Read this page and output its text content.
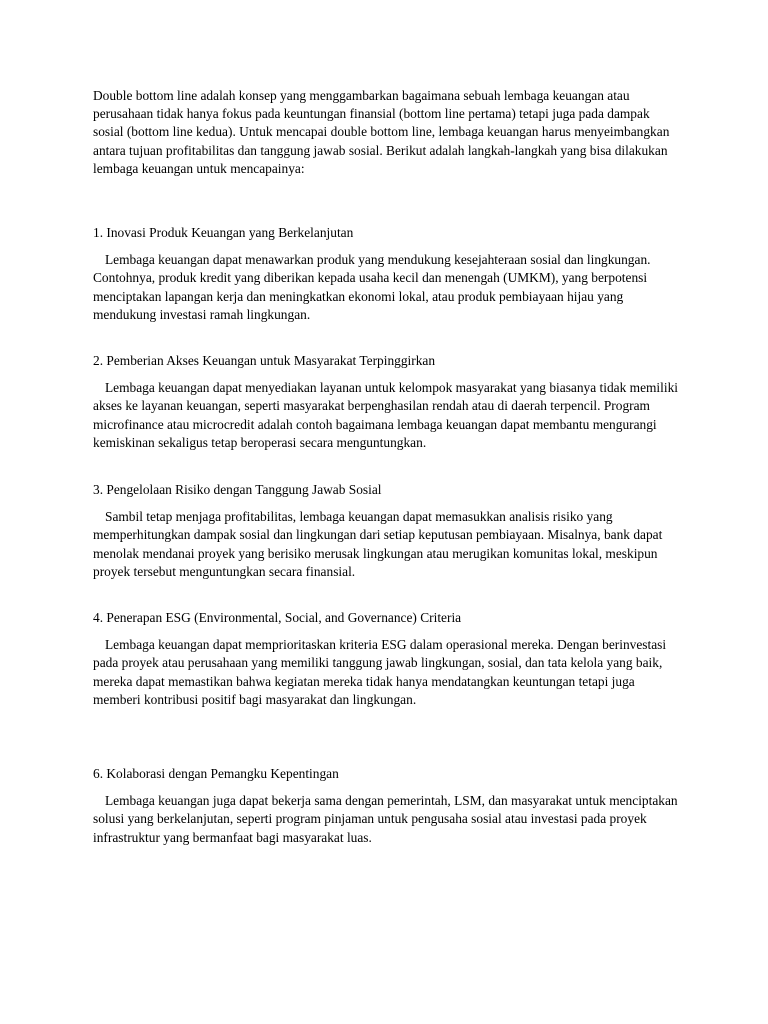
Double bottom line adalah konsep yang menggambarkan bagaimana sebuah lembaga keuangan atau perusahaan tidak hanya fokus pada keuntungan finansial (bottom line pertama) tetapi juga pada dampak sosial (bottom line kedua). Untuk mencapai double bottom line, lembaga keuangan harus menyeimbangkan antara tujuan profitabilitas dan tanggung jawab sosial. Berikut adalah langkah-langkah yang bisa dilakukan lembaga keuangan untuk mencapainya:

1. Inovasi Produk Keuangan yang Berkelanjutan

Lembaga keuangan dapat menawarkan produk yang mendukung kesejahteraan sosial dan lingkungan. Contohnya, produk kredit yang diberikan kepada usaha kecil dan menengah (UMKM), yang berpotensi menciptakan lapangan kerja dan meningkatkan ekonomi lokal, atau produk pembiayaan hijau yang mendukung investasi ramah lingkungan.

2. Pemberian Akses Keuangan untuk Masyarakat Terpinggirkan

Lembaga keuangan dapat menyediakan layanan untuk kelompok masyarakat yang biasanya tidak memiliki akses ke layanan keuangan, seperti masyarakat berpenghasilan rendah atau di daerah terpencil. Program microfinance atau microcredit adalah contoh bagaimana lembaga keuangan dapat membantu mengurangi kemiskinan sekaligus tetap beroperasi secara menguntungkan.

3. Pengelolaan Risiko dengan Tanggung Jawab Sosial

Sambil tetap menjaga profitabilitas, lembaga keuangan dapat memasukkan analisis risiko yang memperhitungkan dampak sosial dan lingkungan dari setiap keputusan pembiayaan. Misalnya, bank dapat menolak mendanai proyek yang berisiko merusak lingkungan atau merugikan komunitas lokal, meskipun proyek tersebut menguntungkan secara finansial.

4. Penerapan ESG (Environmental, Social, and Governance) Criteria

Lembaga keuangan dapat memprioritaskan kriteria ESG dalam operasional mereka. Dengan berinvestasi pada proyek atau perusahaan yang memiliki tanggung jawab lingkungan, sosial, dan tata kelola yang baik, mereka dapat memastikan bahwa kegiatan mereka tidak hanya mendatangkan keuntungan tetapi juga memberi kontribusi positif bagi masyarakat dan lingkungan.

6. Kolaborasi dengan Pemangku Kepentingan

Lembaga keuangan juga dapat bekerja sama dengan pemerintah, LSM, dan masyarakat untuk menciptakan solusi yang berkelanjutan, seperti program pinjaman untuk pengusaha sosial atau investasi pada proyek infrastruktur yang bermanfaat bagi masyarakat luas.
